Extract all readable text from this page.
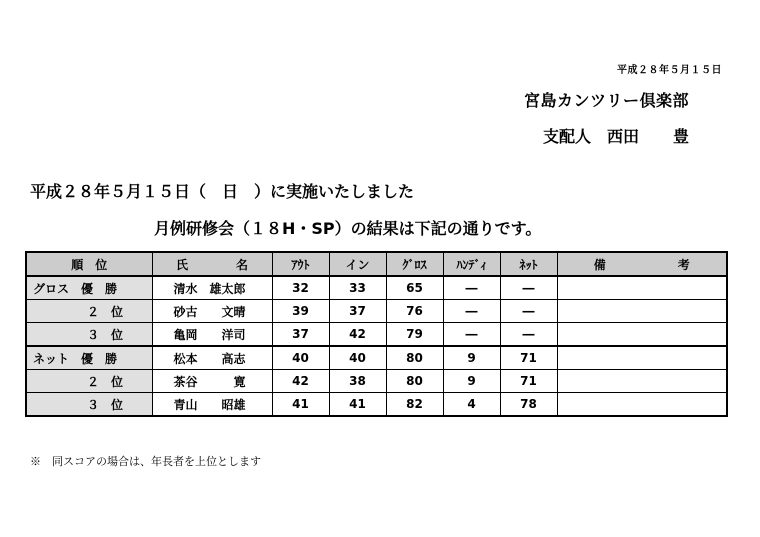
平成２８年５月１５日
宮島カンツリー倶楽部
支配人 西田 豊
平成２８年５月１５日（　日　）に実施いたしました
月例研修会（１８H・SP）の結果は下記の通りです。
順　位	氏　　　　名	ｱｳﾄ	イン	ｸﾞﾛｽ	ﾊﾝﾃﾞｨ	ﾈｯﾄ	備　　　　　　考
グロス　優　勝	清水　雄太郎	32	33	65	―	―	
２　位	砂古　　文晴	39	37	76	―	―	
３　位	亀岡　　洋司	37	42	79	―	―	
ネット　優　勝	松本　　高志	40	40	80	9	71	
２　位	茶谷　　　寛	42	38	80	9	71	
３　位	青山　　昭雄	41	41	82	4	78	
※　同スコアの場合は、年長者を上位とします
